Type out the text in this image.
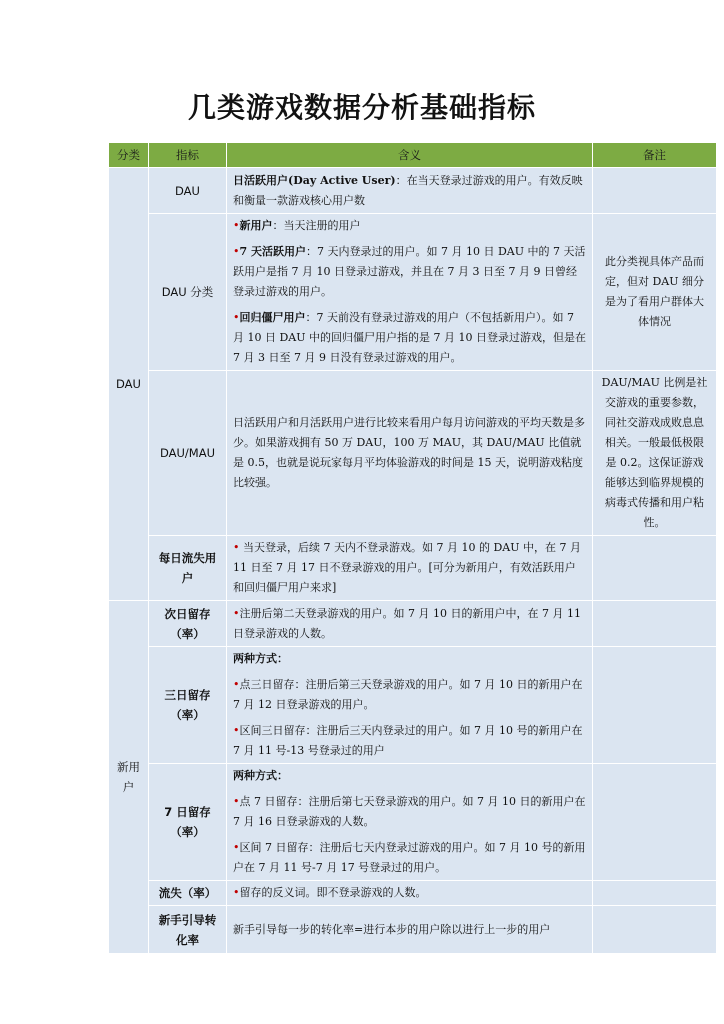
几类游戏数据分析基础指标
分类	指标	含义	备注
DAU	DAU	日活跃用户(Day Active User)：在当天登录过游戏的用户。有效反映和衡量一款游戏核心用户数	
	DAU 分类	•新用户：当天注册的用户

•7 天活跃用户：7 天内登录过的用户。如 7 月 10 日 DAU 中的 7 天活跃用户是指 7 月 10 日登录过游戏，并且在 7 月 3 日至 7 月 9 日曾经登录过游戏的用户。

•回归僵尸用户：7 天前没有登录过游戏的用户（不包括新用户）。如 7 月 10 日 DAU 中的回归僵尸用户指的是 7 月 10 日登录过游戏，但是在 7 月 3 日至 7 月 9 日没有登录过游戏的用户。	此分类视具体产品而定，但对 DAU 细分是为了看用户群体大体情况
	DAU/MAU	日活跃用户和月活跃用户进行比较来看用户每月访问游戏的平均天数是多少。如果游戏拥有 50 万 DAU，100 万 MAU，其 DAU/MAU 比值就是 0.5，也就是说玩家每月平均体验游戏的时间是 15 天，说明游戏粘度比较强。	DAU/MAU 比例是社交游戏的重要参数，同社交游戏成败息息相关。一般最低极限是 0.2。这保证游戏能够达到临界规模的病毒式传播和用户粘性。
	每日流失用户	• 当天登录，后续 7 天内不登录游戏。如 7 月 10 的 DAU 中，在 7 月 11 日至 7 月 17 日不登录游戏的用户。[可分为新用户，有效活跃用户和回归僵尸用户来求]	
新用户	次日留存（率）	•注册后第二天登录游戏的用户。如 7 月 10 日的新用户中，在 7 月 11 日登录游戏的人数。	
	三日留存（率）	两种方式：

•点三日留存：注册后第三天登录游戏的用户。如 7 月 10 日的新用户在 7 月 12 日登录游戏的用户。

•区间三日留存：注册后三天内登录过的用户。如 7 月 10 号的新用户在 7 月 11 号-13 号登录过的用户	

	7 日留存（率）	两种方式：

•点 7 日留存：注册后第七天登录游戏的用户。如 7 月 10 日的新用户在 7 月 16 日登录游戏的人数。

•区间 7 日留存：注册后七天内登录过游戏的用户。如 7 月 10 号的新用户在 7 月 11 号-7 月 17 号登录过的用户。	

	流失（率）	•留存的反义词。即不登录游戏的人数。	
	新手引导转化率	新手引导每一步的转化率=进行本步的用户除以进行上一步的用户	
